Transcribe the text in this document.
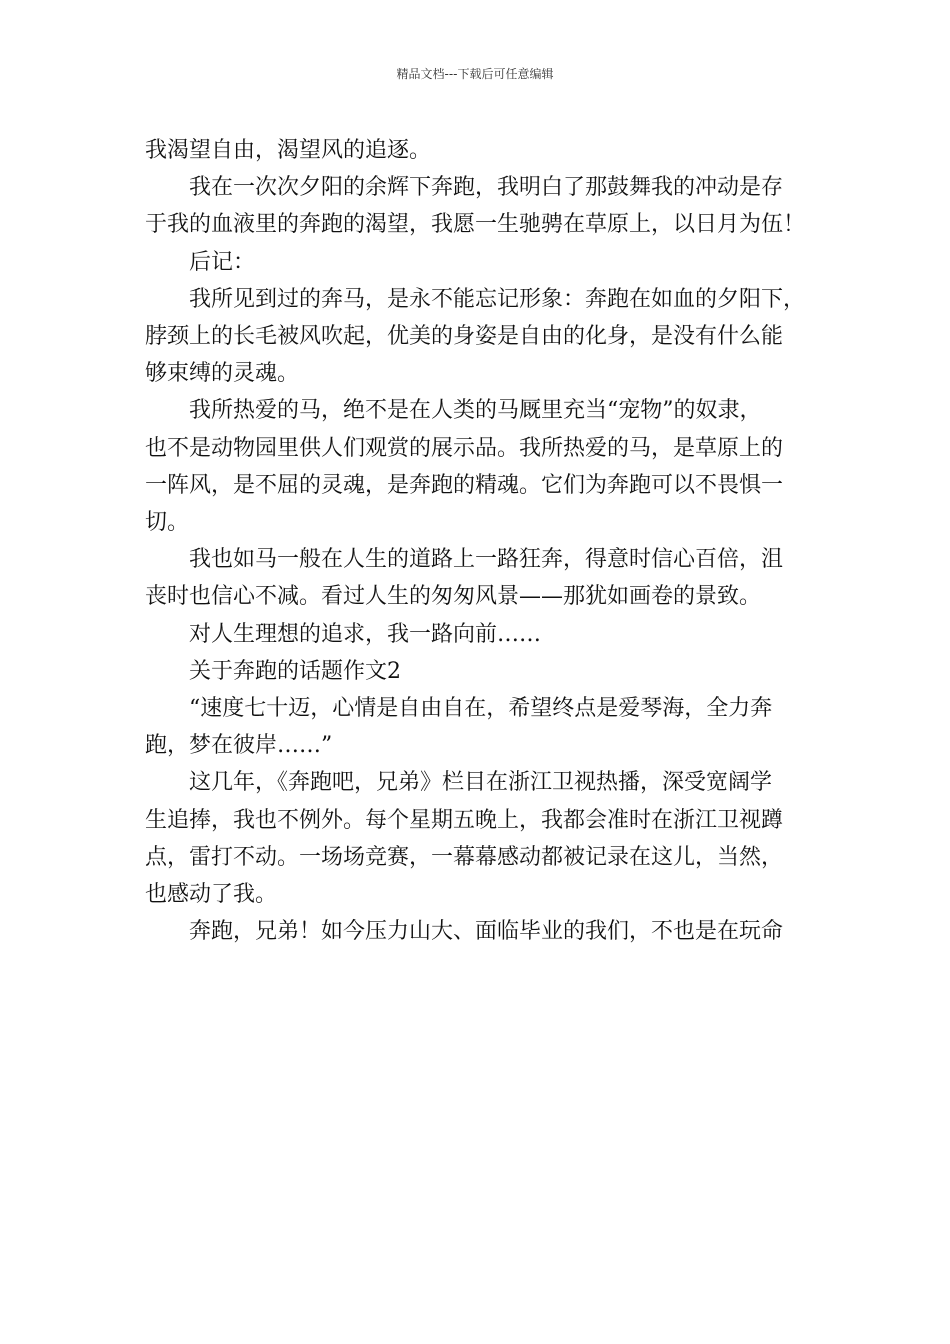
精品文档---下载后可任意编辑

我渴望自由，渴望风的追逐。

我在一次次夕阳的余辉下奔跑，我明白了那鼓舞我的冲动是存
于我的血液里的奔跑的渴望，我愿一生驰骋在草原上，以日月为伍！

后记：

我所见到过的奔马，是永不能忘记形象：奔跑在如血的夕阳下，
脖颈上的长毛被风吹起，优美的身姿是自由的化身，是没有什么能
够束缚的灵魂。

我所热爱的马，绝不是在人类的马厩里充当“宠物”的奴隶，
也不是动物园里供人们观赏的展示品。我所热爱的马，是草原上的
一阵风，是不屈的灵魂，是奔跑的精魂。它们为奔跑可以不畏惧一
切。

我也如马一般在人生的道路上一路狂奔，得意时信心百倍，沮
丧时也信心不减。看过人生的匆匆风景——那犹如画卷的景致。

对人生理想的追求，我一路向前……

关于奔跑的话题作文2

“速度七十迈，心情是自由自在，希望终点是爱琴海，全力奔
跑，梦在彼岸……”

这几年，《奔跑吧，兄弟》栏目在浙江卫视热播，深受宽阔学
生追捧，我也不例外。每个星期五晚上，我都会准时在浙江卫视蹲
点，雷打不动。一场场竞赛，一幕幕感动都被记录在这儿，当然，
也感动了我。

奔跑，兄弟！如今压力山大、面临毕业的我们，不也是在玩命
